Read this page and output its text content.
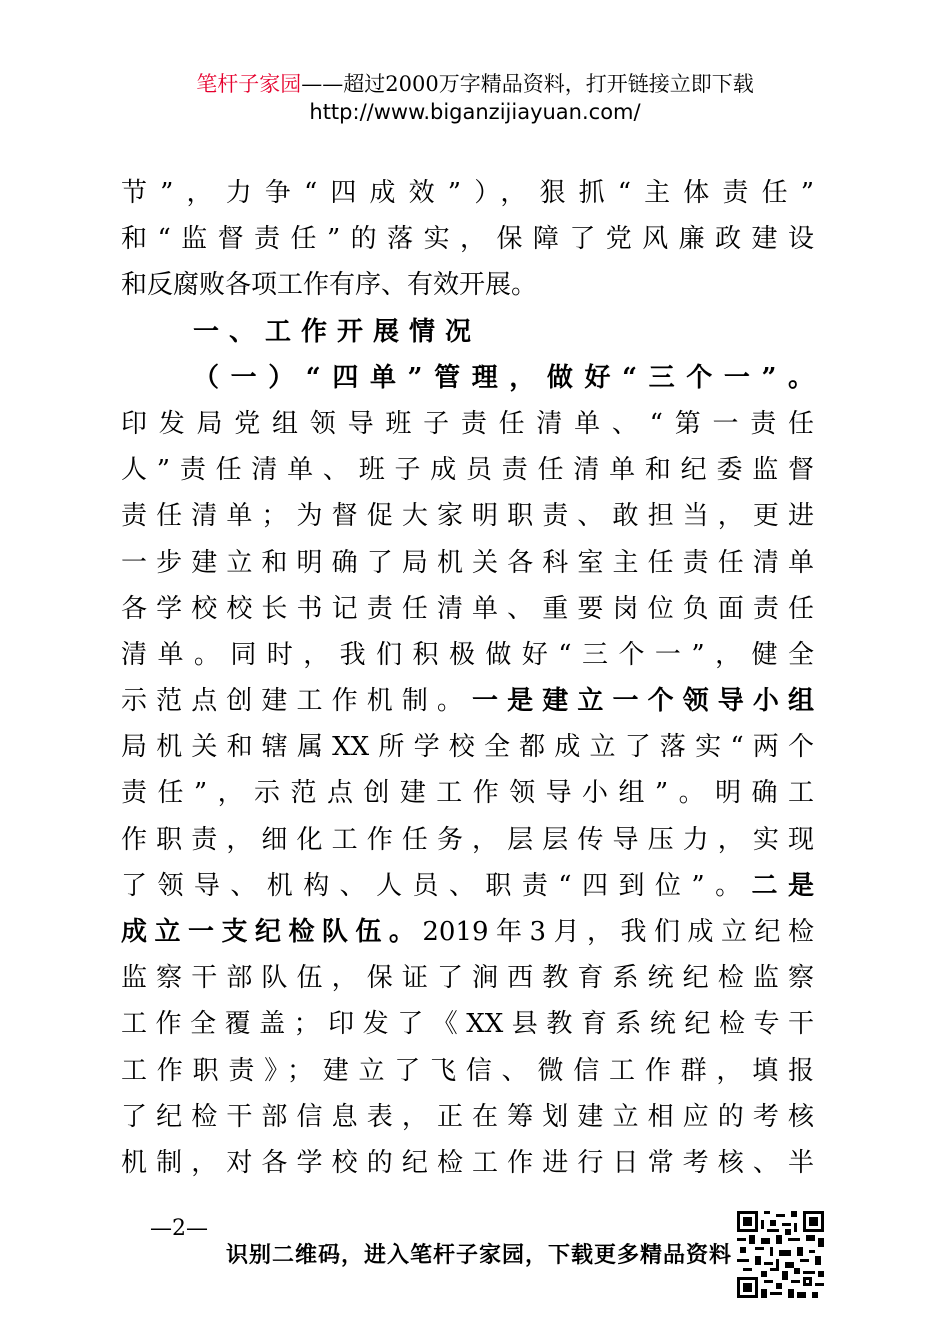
笔杆子家园——超过2000万字精品资料，打开链接立即下载
http://www.biganzijiayuan.com/
节”，力争“四成效”），狠抓“主体责任”
和“监督责任”的落实，保障了党风廉政建设
和反腐败各项工作有序、有效开展。
一、工作开展情况
（一）“四单”管理，做好“三个一”。
印发局党组领导班子责任清单、“第一责任
人”责任清单、班子成员责任清单和纪委监督
责任清单；为督促大家明职责、敢担当，更进
一步建立和明确了局机关各科室主任责任清单
各学校校长书记责任清单、重要岗位负面责任
清单。同时，我们积极做好“三个一”，健全
示范点创建工作机制。一是建立一个领导小组
局机关和辖属XX所学校全都成立了落实“两个
责任”，示范点创建工作领导小组”。明确工
作职责，细化工作任务，层层传导压力，实现
了领导、机构、人员、职责“四到位”。二是
成立一支纪检队伍。2019年3月，我们成立纪检
监察干部队伍，保证了涧西教育系统纪检监察
工作全覆盖；印发了《XX县教育系统纪检专干
工作职责》；建立了飞信、微信工作群，填报
了纪检干部信息表，正在筹划建立相应的考核
机制，对各学校的纪检工作进行日常考核、半
—2—
识别二维码，进入笔杆子家园，下载更多精品资料
